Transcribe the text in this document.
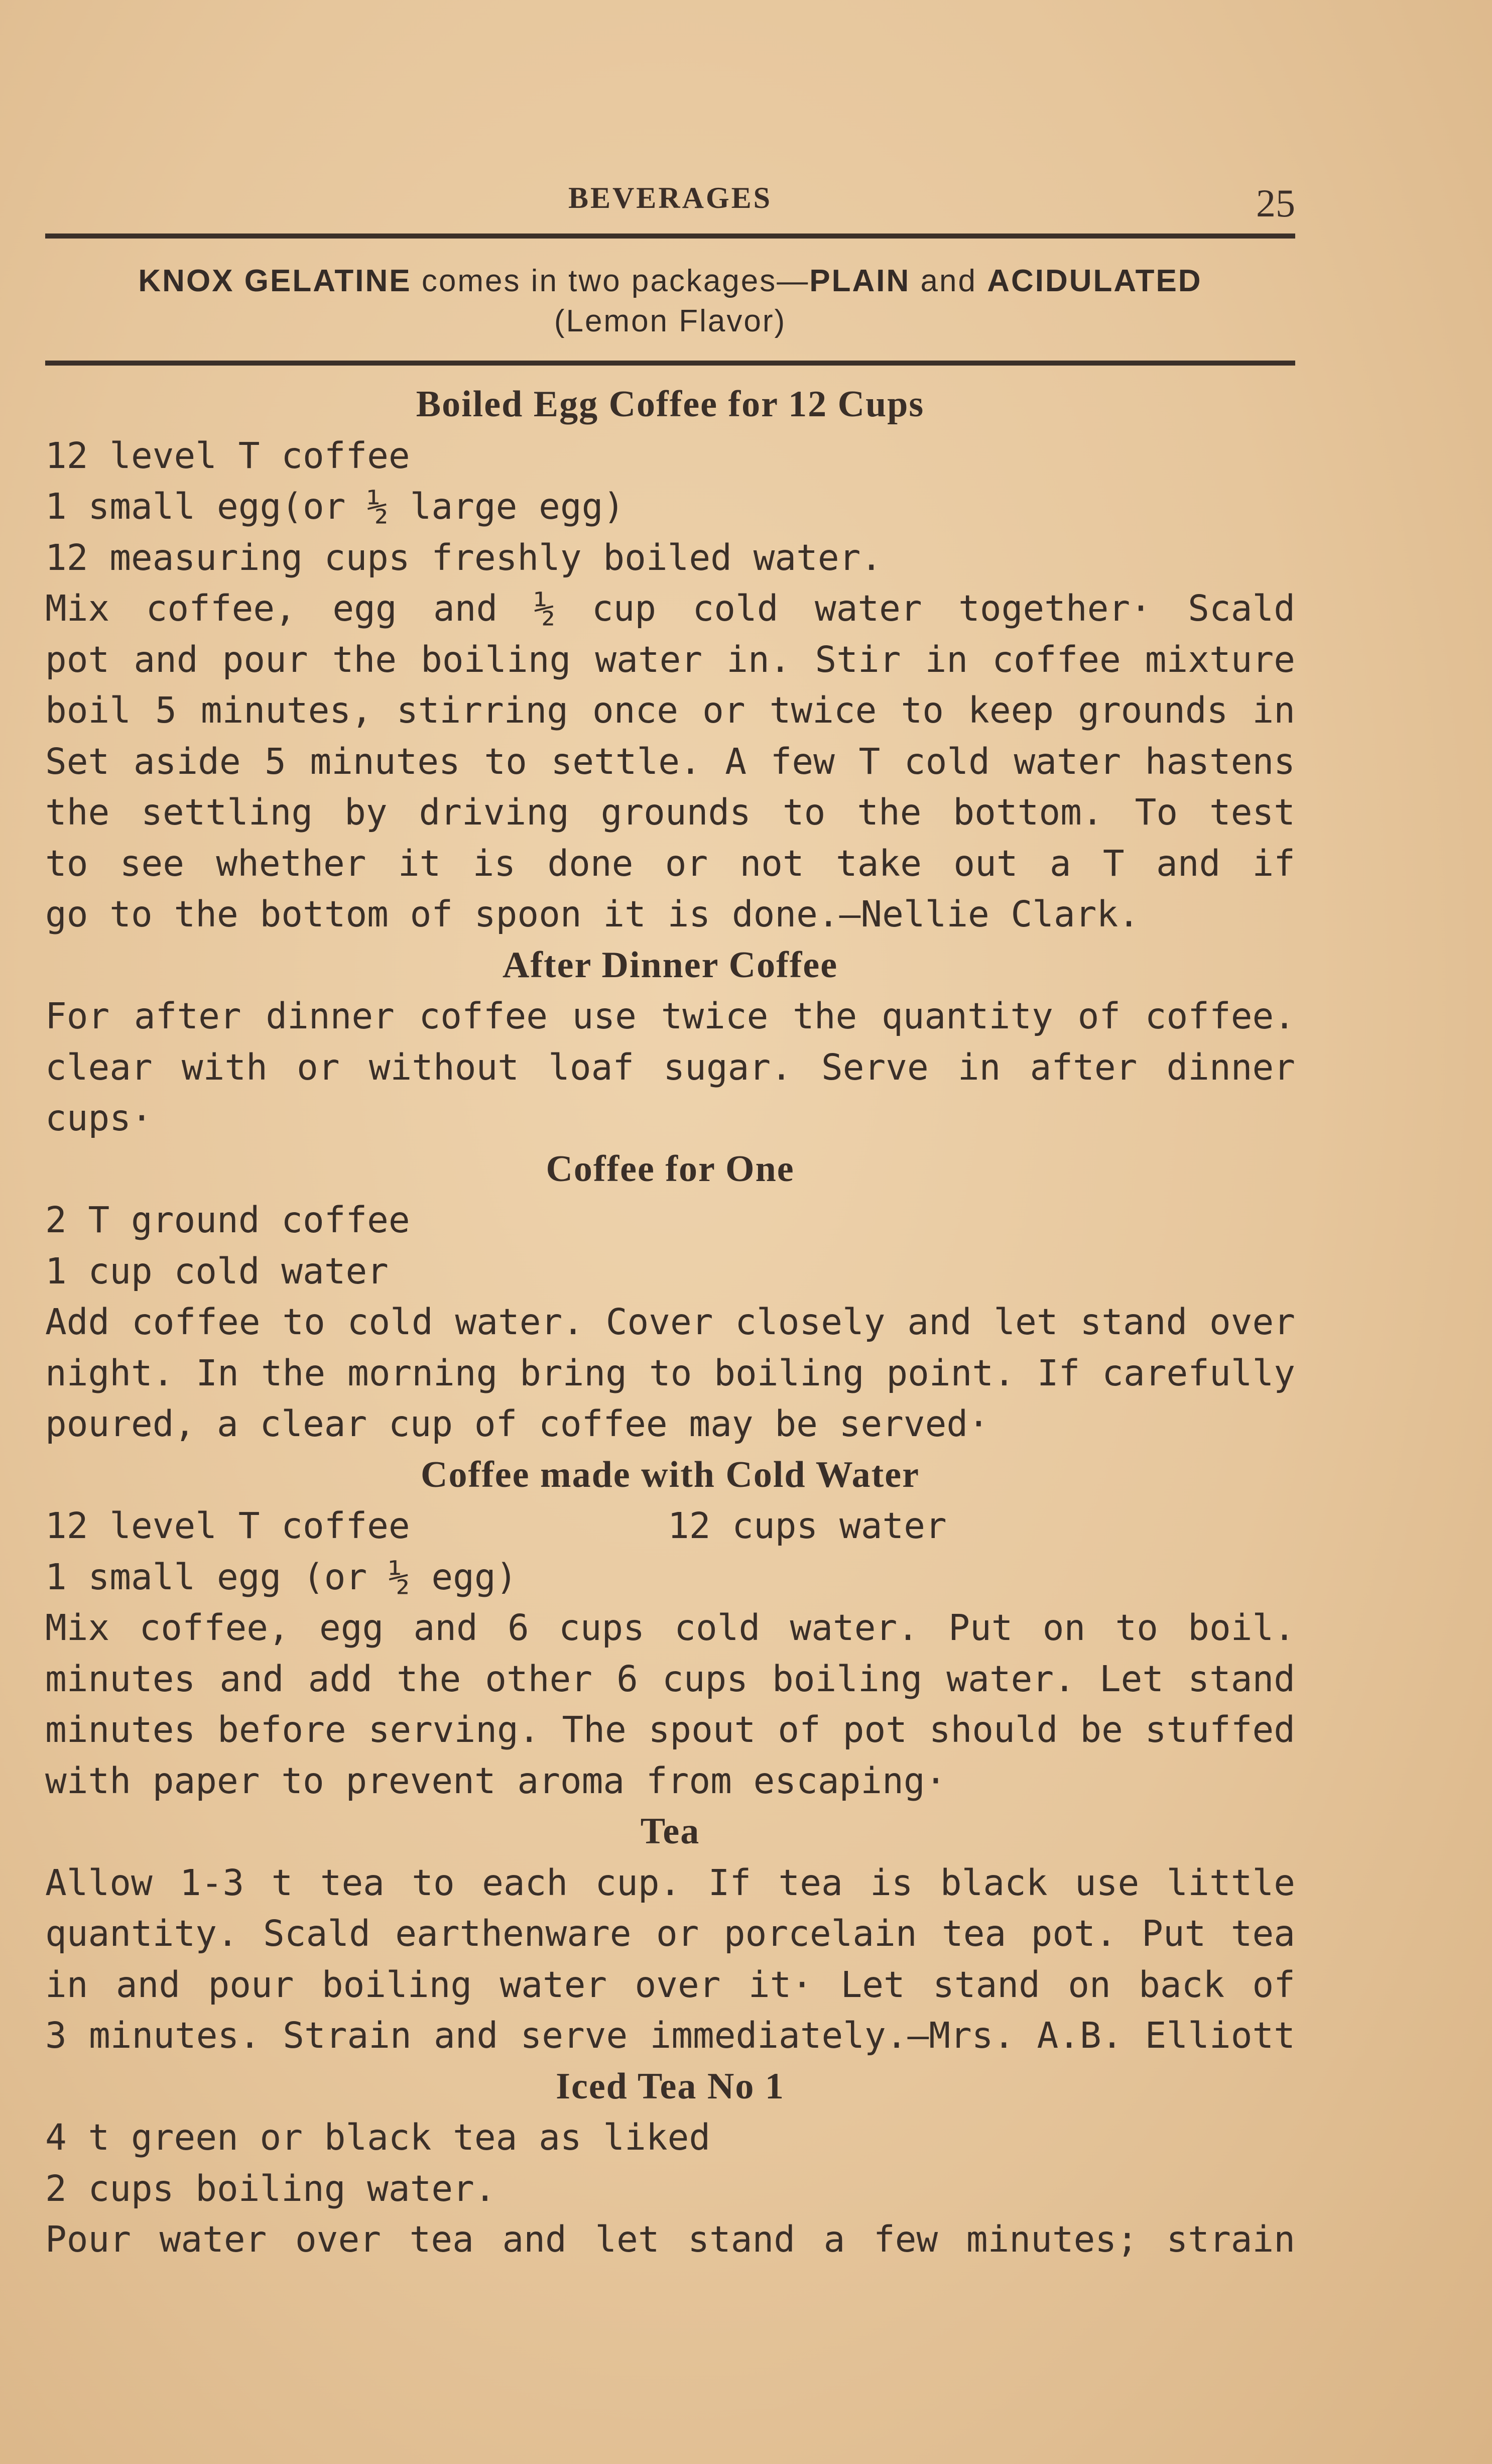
BEVERAGES	25
KNOX GELATINE comes in two packages—PLAIN and ACIDULATED
(Lemon Flavor)
Boiled Egg Coffee for 12 Cups
12 level T coffee
1 small egg(or ½ large egg)
12 measuring cups freshly boiled water.
Mix coffee, egg and ½ cup cold water together· Scald
pot and pour the boiling water in. Stir in coffee mixture
boil 5 minutes, stirring once or twice to keep grounds in
Set aside 5 minutes to settle. A few T cold water hastens
the settling by driving grounds to the bottom. To test
to see whether it is done or not take out a T and if
go to the bottom of spoon it is done.—Nellie Clark.
After Dinner Coffee
For after dinner coffee use twice the quantity of coffee.
clear with or without loaf sugar. Serve in after dinner
cups·
Coffee for One
2 T ground coffee
1 cup cold water
Add coffee to cold water. Cover closely and let stand over
night. In the morning bring to boiling point. If carefully
poured, a clear cup of coffee may be served·
Coffee made with Cold Water
12 level T coffee	12 cups water
1 small egg (or ½ egg)
Mix coffee, egg and 6 cups cold water. Put on to boil.
minutes and add the other 6 cups boiling water. Let stand
minutes before serving. The spout of pot should be stuffed
with paper to prevent aroma from escaping·
Tea
Allow 1-3 t tea to each cup. If tea is black use little
quantity. Scald earthenware or porcelain tea pot. Put tea
in and pour boiling water over it· Let stand on back of
3 minutes. Strain and serve immediately.—Mrs. A.B. Elliott
Iced Tea No 1
4 t green or black tea as liked
2 cups boiling water.
Pour water over tea and let stand a few minutes; strain
